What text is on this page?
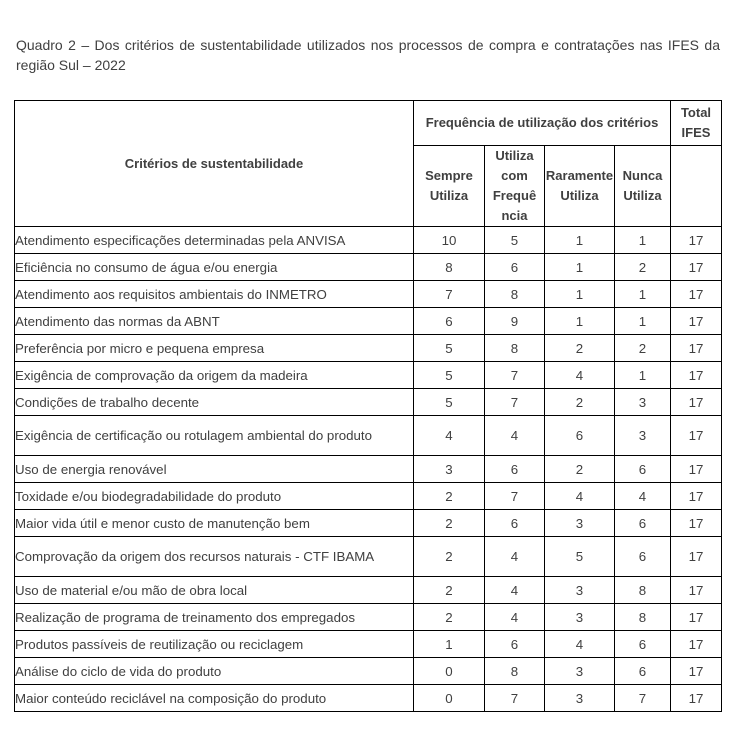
Quadro 2 – Dos critérios de sustentabilidade utilizados nos processos de compra e contratações nas IFES da região Sul – 2022
Critérios de sustentabilidade	Frequência de utilização dos critérios				Total IFES
	Sempre Utiliza	Utiliza com Frequê ncia	Raramente Utiliza	Nunca Utiliza	
Atendimento especificações determinadas pela ANVISA	10	5	1	1	17
Eficiência no consumo de água e/ou energia	8	6	1	2	17
Atendimento aos requisitos ambientais do INMETRO	7	8	1	1	17
Atendimento das normas da ABNT	6	9	1	1	17
Preferência por micro e pequena empresa	5	8	2	2	17
Exigência de comprovação da origem da madeira	5	7	4	1	17
Condições de trabalho decente	5	7	2	3	17
Exigência de certificação ou rotulagem ambiental do produto	4	4	6	3	17
Uso de energia renovável	3	6	2	6	17
Toxidade e/ou biodegradabilidade do produto	2	7	4	4	17
Maior vida útil e menor custo de manutenção bem	2	6	3	6	17
Comprovação da origem dos recursos naturais - CTF IBAMA	2	4	5	6	17
Uso de material e/ou mão de obra local	2	4	3	8	17
Realização de programa de treinamento dos empregados	2	4	3	8	17
Produtos passíveis de reutilização ou reciclagem	1	6	4	6	17
Análise do ciclo de vida do produto	0	8	3	6	17
Maior conteúdo reciclável na composição do produto	0	7	3	7	17
